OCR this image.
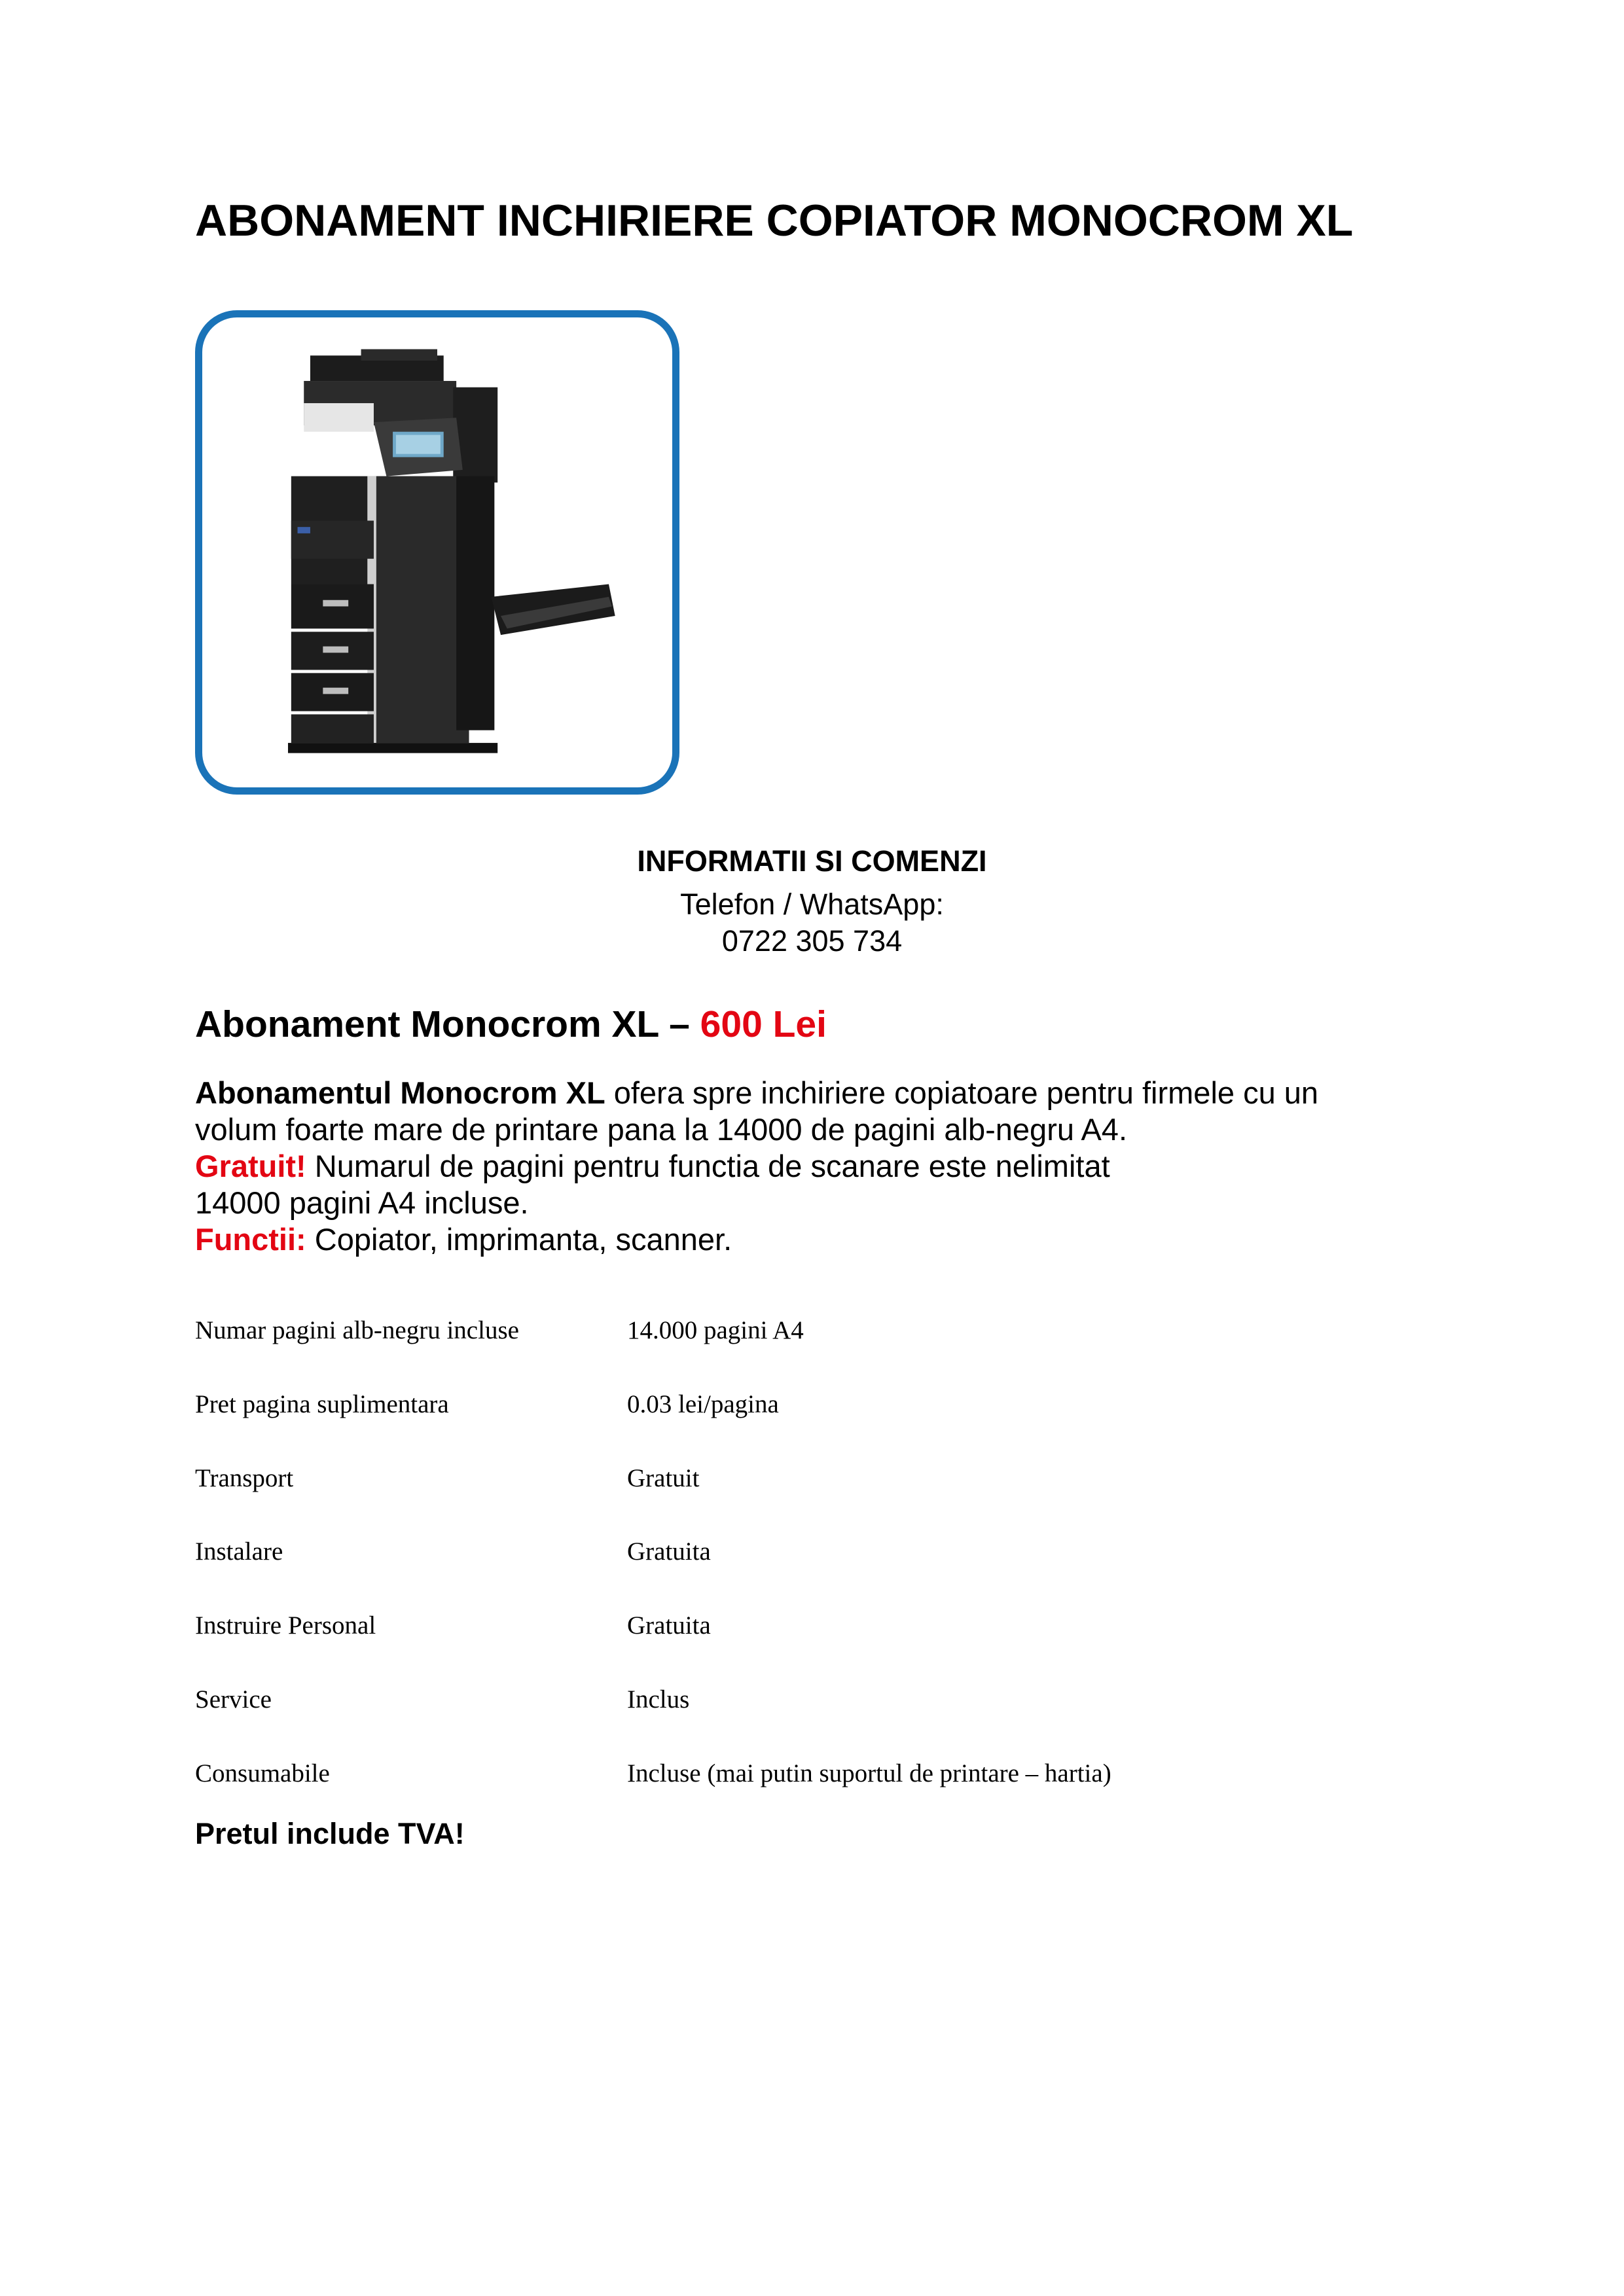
ABONAMENT INCHIRIERE COPIATOR MONOCROM XL
INFORMATII SI COMENZI
Telefon / WhatsApp:
0722 305 734
Abonament Monocrom XL – 600 Lei
Abonamentul Monocrom XL ofera spre inchiriere copiatoare pentru firmele cu un
volum foarte mare de printare pana la 14000 de pagini alb-negru A4.
Gratuit! Numarul de pagini pentru functia de scanare este nelimitat
14000 pagini A4 incluse.
Functii: Copiator, imprimanta, scanner.
Numar pagini alb-negru incluse	14.000 pagini A4
Pret pagina suplimentara	0.03 lei/pagina
Transport	Gratuit
Instalare	Gratuita
Instruire Personal	Gratuita
Service	Inclus
Consumabile	Incluse (mai putin suportul de printare – hartia)
Pretul include TVA!
